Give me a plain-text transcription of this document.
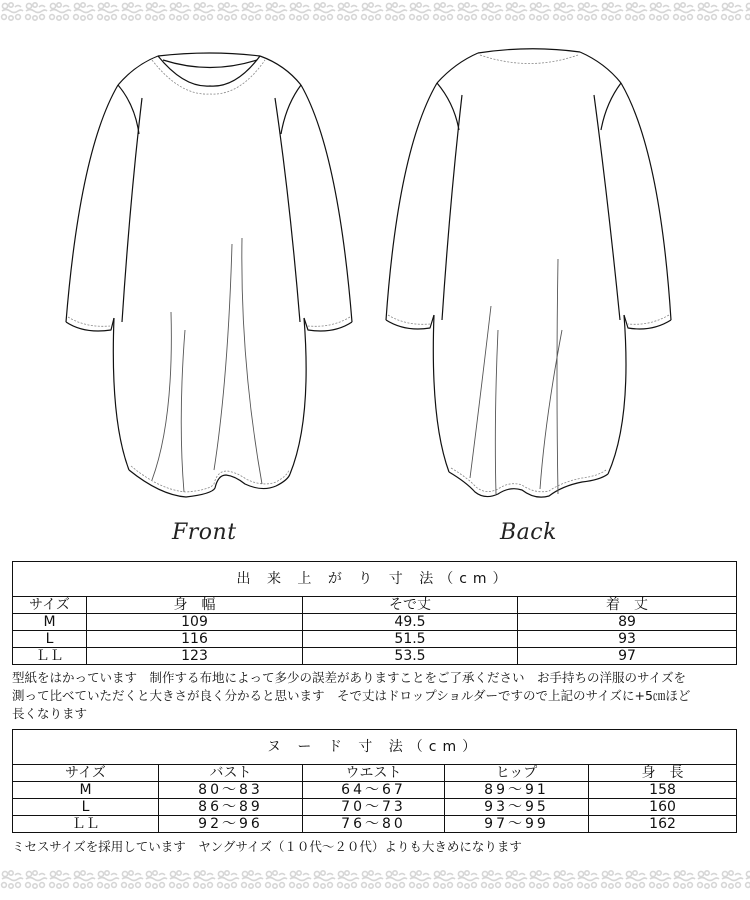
Front	Back
出 来 上 が り 寸 法（cm）			
サイズ	身　幅	そで丈	着　丈
M	109	49.5	89
L	116	51.5	93
ＬＬ	123	53.5	97
型紙をはかっています　制作する布地によって多少の誤差がありますことをご了承ください　お手持ちの洋服のサイズを
測って比べていただくと大きさが良く分かると思います　そで丈はドロップショルダーですので上記のサイズに+5㎝ほど
長くなります
ヌ ー ド 寸 法（cm）				
サイズ	バスト	ウエスト	ヒップ	身　長
M	80～83	64～67	89～91	158
L	86～89	70～73	93～95	160
ＬＬ	92～96	76～80	97～99	162
ミセスサイズを採用しています　ヤングサイズ（１０代～２０代）よりも大きめになります
